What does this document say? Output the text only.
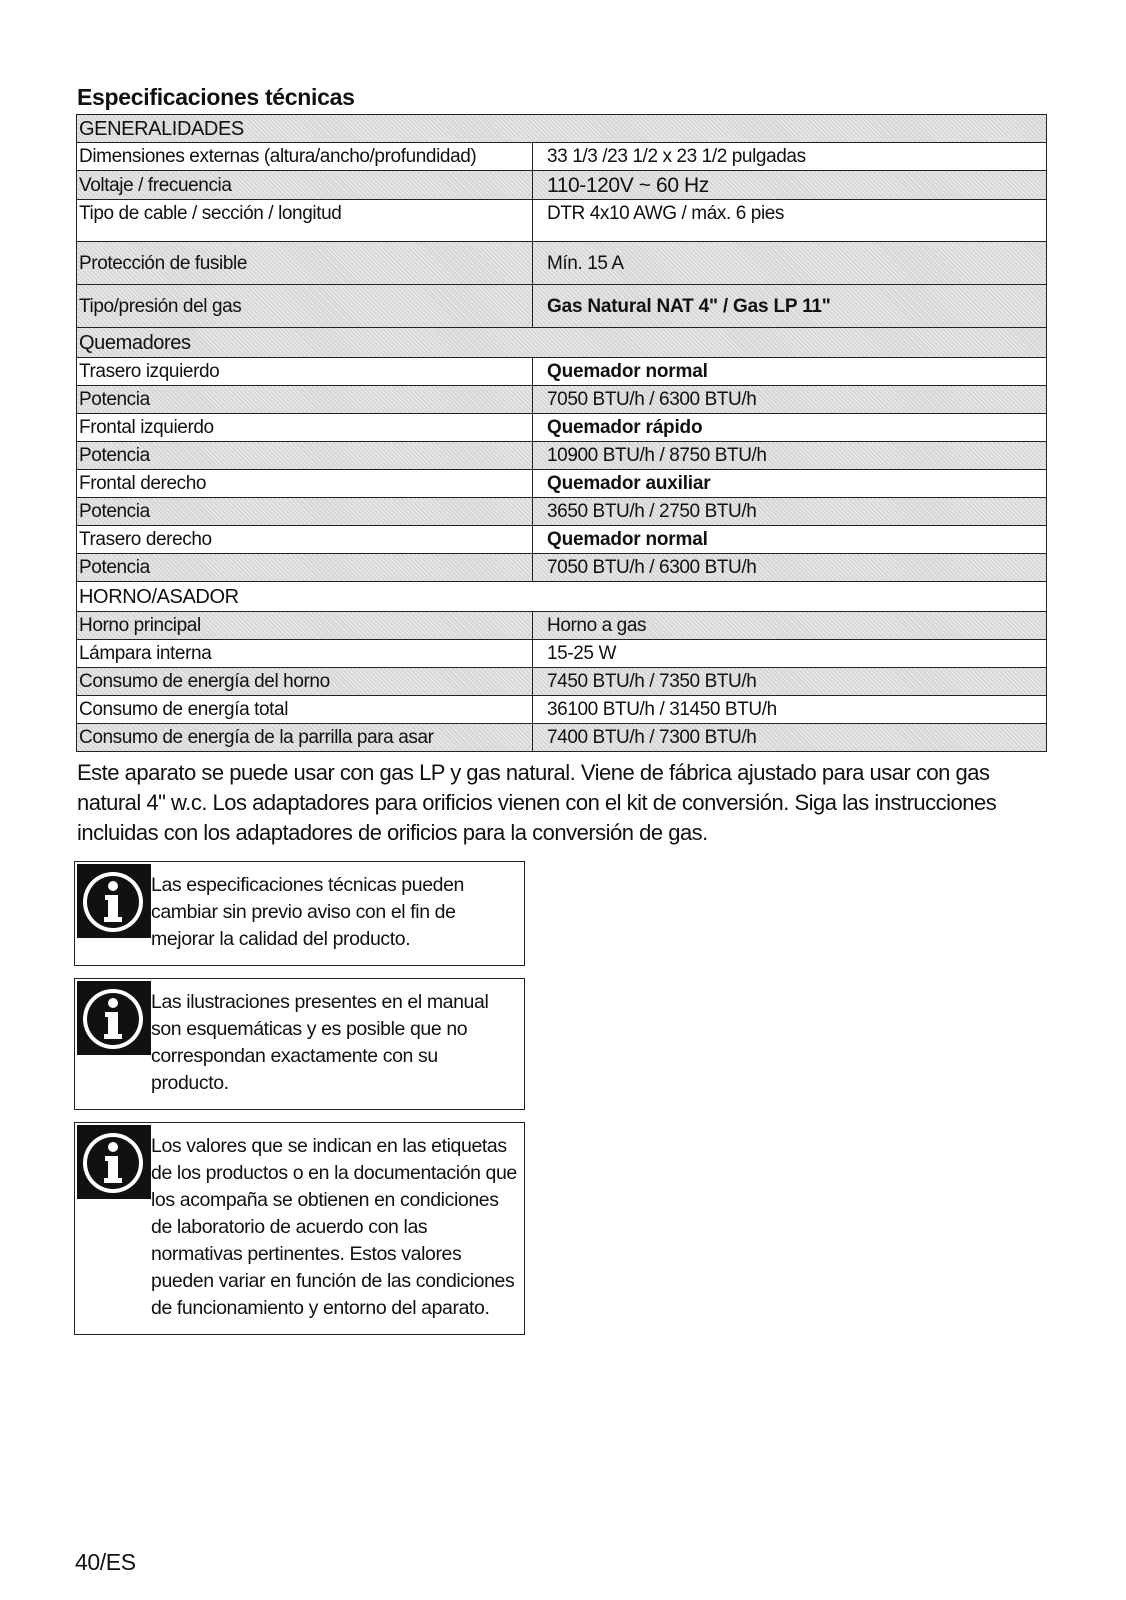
Especificaciones técnicas
GENERALIDADES	
Dimensiones externas (altura/ancho/profundidad)	33 1/3 /23 1/2 x 23 1/2 pulgadas
Voltaje / frecuencia	110-120V ~ 60 Hz
Tipo de cable / sección / longitud	DTR 4x10 AWG / máx. 6 pies
Protección de fusible	Mín. 15 A
Tipo/presión del gas	Gas Natural NAT 4" / Gas LP 11"
Quemadores	
Trasero izquierdo	Quemador normal
Potencia	7050 BTU/h / 6300 BTU/h
Frontal izquierdo	Quemador rápido
Potencia	10900 BTU/h / 8750 BTU/h
Frontal derecho	Quemador auxiliar
Potencia	3650 BTU/h / 2750 BTU/h
Trasero derecho	Quemador normal
Potencia	7050 BTU/h / 6300 BTU/h
HORNO/ASADOR	
Horno principal	Horno a gas
Lámpara interna	15-25 W
Consumo de energía del horno	7450 BTU/h / 7350 BTU/h
Consumo de energía total	36100 BTU/h / 31450 BTU/h
Consumo de energía de la parrilla para asar	7400 BTU/h / 7300 BTU/h
Este aparato se puede usar con gas LP y gas natural. Viene de fábrica ajustado para usar con gas natural 4" w.c. Los adaptadores para orificios vienen con el kit de conversión. Siga las instrucciones incluidas con los adaptadores de orificios para la conversión de gas.

Las especificaciones técnicas pueden cambiar sin previo aviso con el fin de mejorar la calidad del producto.

Las ilustraciones presentes en el manual son esquemáticas y es posible que no correspondan exactamente con su producto.

Los valores que se indican en las etiquetas de los productos o en la documentación que los acompaña se obtienen en condiciones de laboratorio de acuerdo con las normativas pertinentes. Estos valores pueden variar en función de las condiciones de funcionamiento y entorno del aparato.

40/ES
